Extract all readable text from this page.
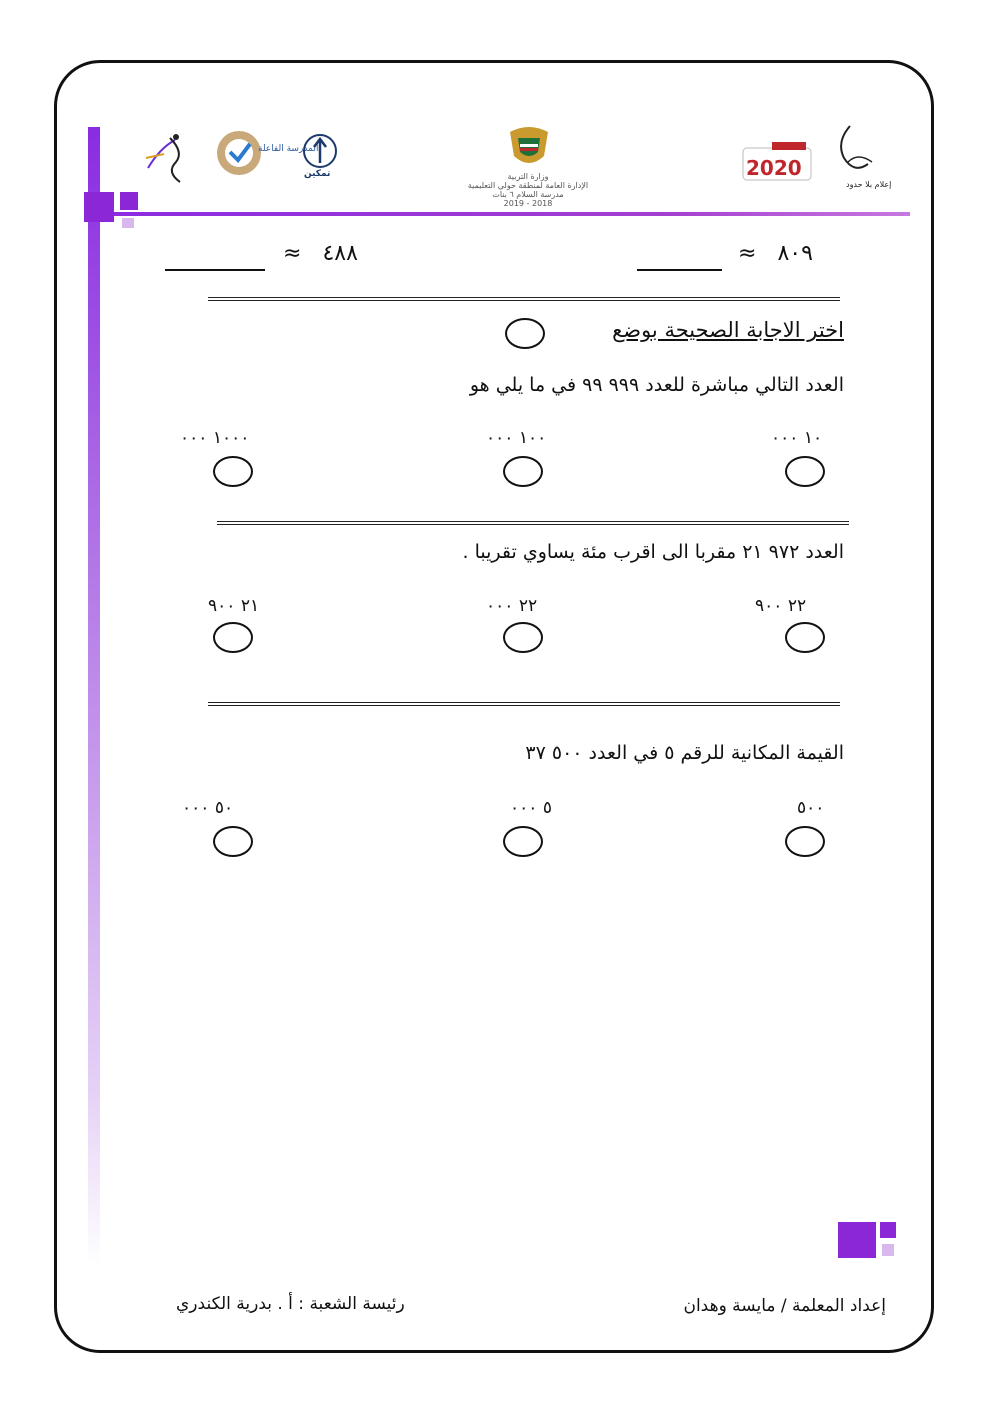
المدرسة الفاعلة
تمكين	وزارة التربية
الإدارة العامة لمنطقة حولي التعليمية
مدرسة السلام ٦ بنات
2018 - 2019
2020
إعلام بلا حدود
≈ ٨٠٩
≈ ٤٨٨
اختر الاجابة الصحيحة بوضع
العدد التالي مباشرة للعدد ٩٩٩ ٩٩ في ما يلي هو
١٠ ٠٠٠
١٠٠ ٠٠٠
١٠٠٠ ٠٠٠
العدد ٩٧٢ ٢١ مقربا الى اقرب مئة يساوي تقريبا .
٢٢ ٩٠٠
٢٢ ٠٠٠
٢١ ٩٠٠
القيمة المكانية للرقم ٥ في العدد ٥٠٠ ٣٧
٥٠٠
٥ ٠٠٠
٥٠ ٠٠٠
إعداد المعلمة / مايسة وهدان
رئيسة الشعبة : أ . بدرية الكندري
